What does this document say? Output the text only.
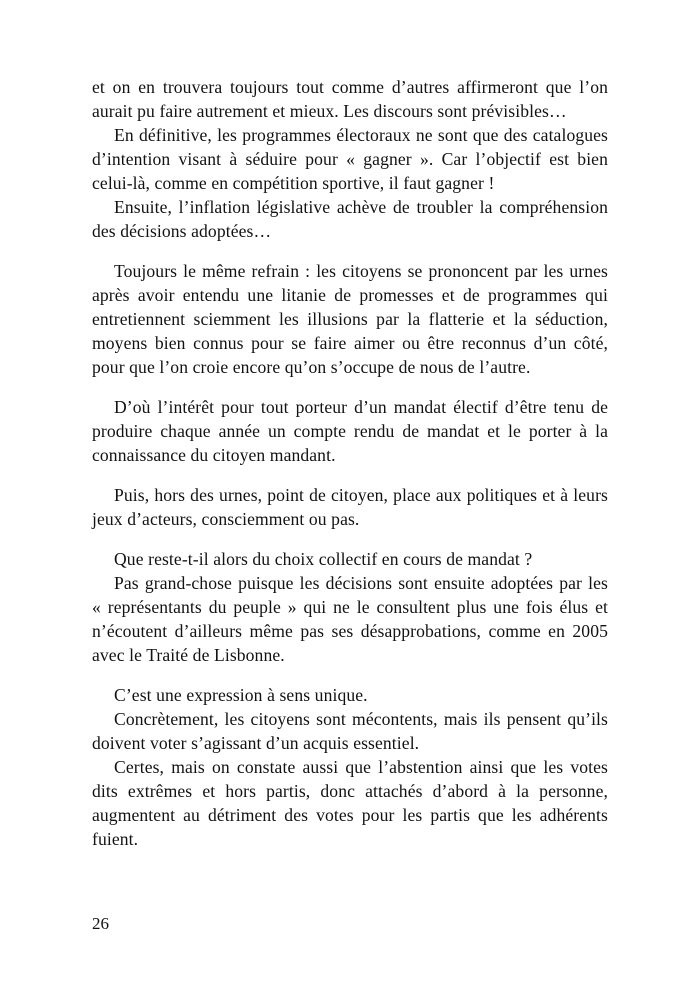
et on en trouvera toujours tout comme d’autres affirmeront que l’on aurait pu faire autrement et mieux. Les discours sont prévisibles…

En définitive, les programmes électoraux ne sont que des catalogues d’intention visant à séduire pour « gagner ». Car l’objectif est bien celui-là, comme en compétition sportive, il faut gagner !

Ensuite, l’inflation législative achève de troubler la compréhension des décisions adoptées…

Toujours le même refrain : les citoyens se prononcent par les urnes après avoir entendu une litanie de promesses et de programmes qui entretiennent sciemment les illusions par la flatterie et la séduction, moyens bien connus pour se faire aimer ou être reconnus d’un côté, pour que l’on croie encore qu’on s’occupe de nous de l’autre.

D’où l’intérêt pour tout porteur d’un mandat électif d’être tenu de produire chaque année un compte rendu de mandat et le porter à la connaissance du citoyen mandant.

Puis, hors des urnes, point de citoyen, place aux politiques et à leurs jeux d’acteurs, consciemment ou pas.

Que reste-t-il alors du choix collectif en cours de mandat ?

Pas grand-chose puisque les décisions sont ensuite adoptées par les « représentants du peuple » qui ne le consultent plus une fois élus et n’écoutent d’ailleurs même pas ses désapprobations, comme en 2005 avec le Traité de Lisbonne.

C’est une expression à sens unique.

Concrètement, les citoyens sont mécontents, mais ils pensent qu’ils doivent voter s’agissant d’un acquis essentiel.

Certes, mais on constate aussi que l’abstention ainsi que les votes dits extrêmes et hors partis, donc attachés d’abord à la personne, augmentent au détriment des votes pour les partis que les adhérents fuient.

26
